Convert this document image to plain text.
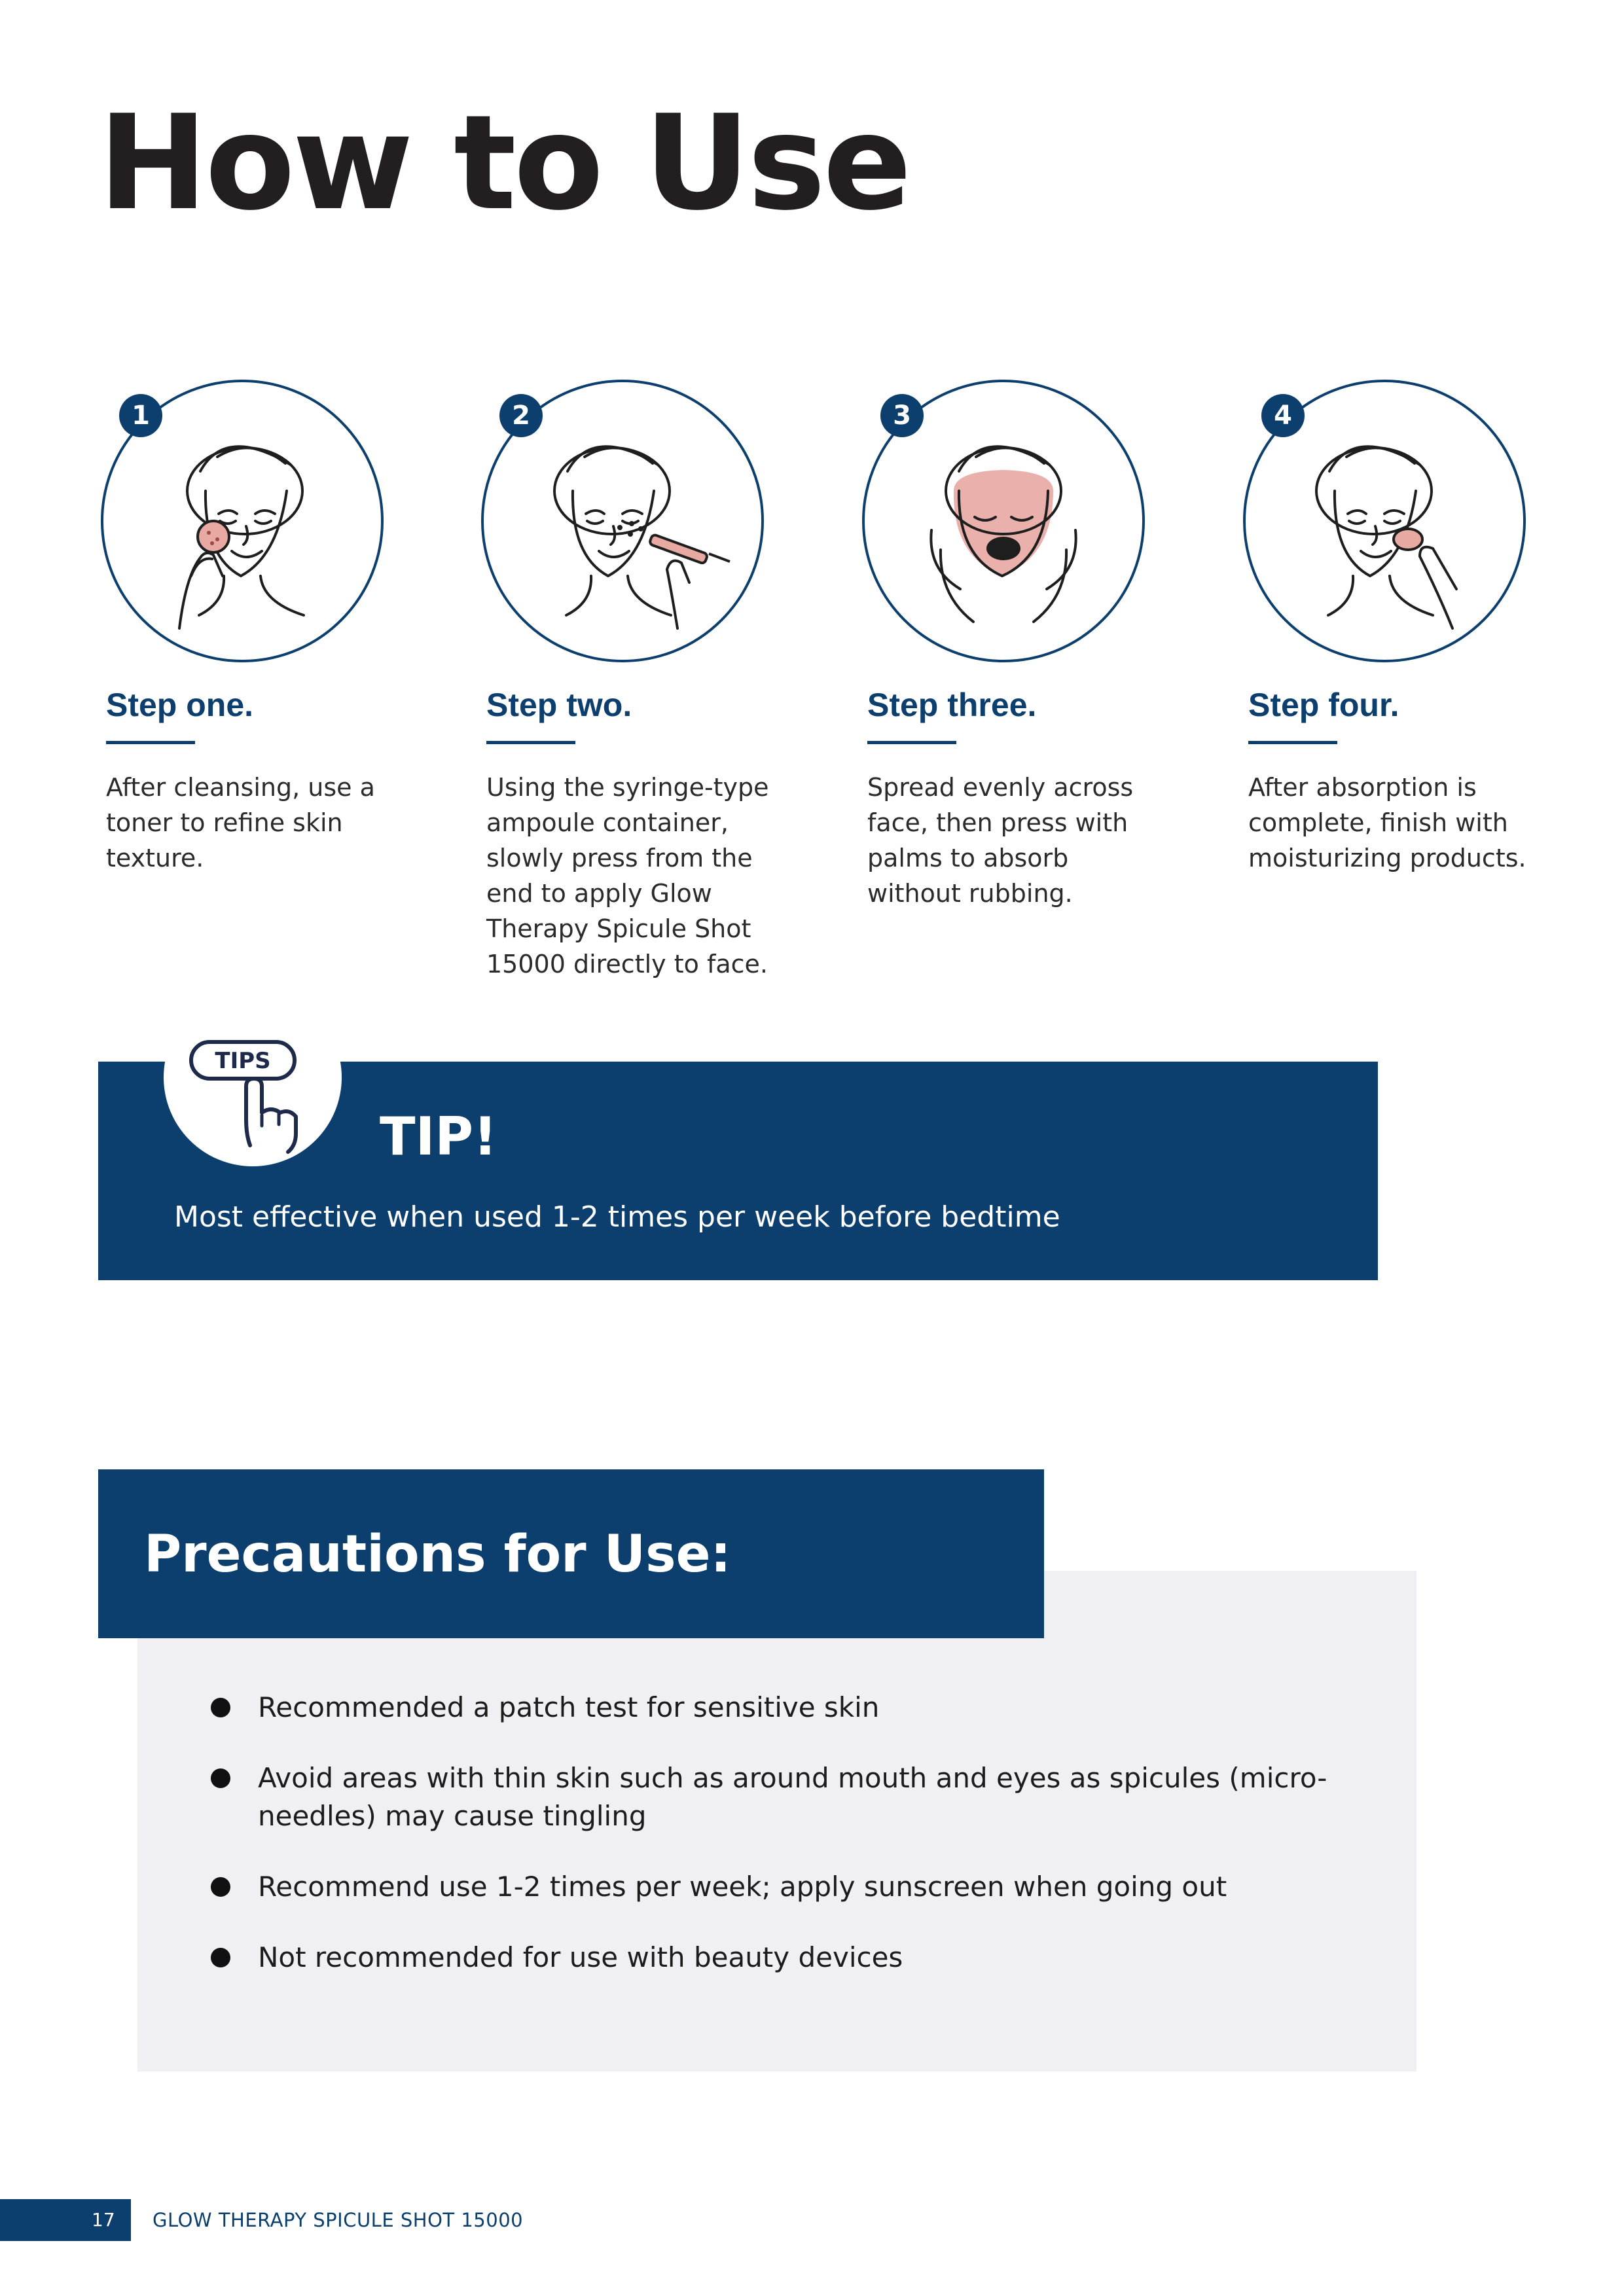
How to Use
1
Step one.
After cleansing, use a toner to refine skin texture.
2
Step two.
Using the syringe-type ampoule container, slowly press from the end to apply Glow Therapy Spicule Shot 15000 directly to face.
3
Step three.
Spread evenly across face, then press with palms to absorb without rubbing.
4
Step four.
After absorption is complete, finish with moisturizing products.
TIPS
TIP!
Most effective when used 1-2 times per week before bedtime
Precautions for Use:
Recommended a patch test for sensitive skin
Avoid areas with thin skin such as around mouth and eyes as spicules (micro-needles) may cause tingling
Recommend use 1-2 times per week; apply sunscreen when going out
Not recommended for use with beauty devices
17 GLOW THERAPY SPICULE SHOT 15000
